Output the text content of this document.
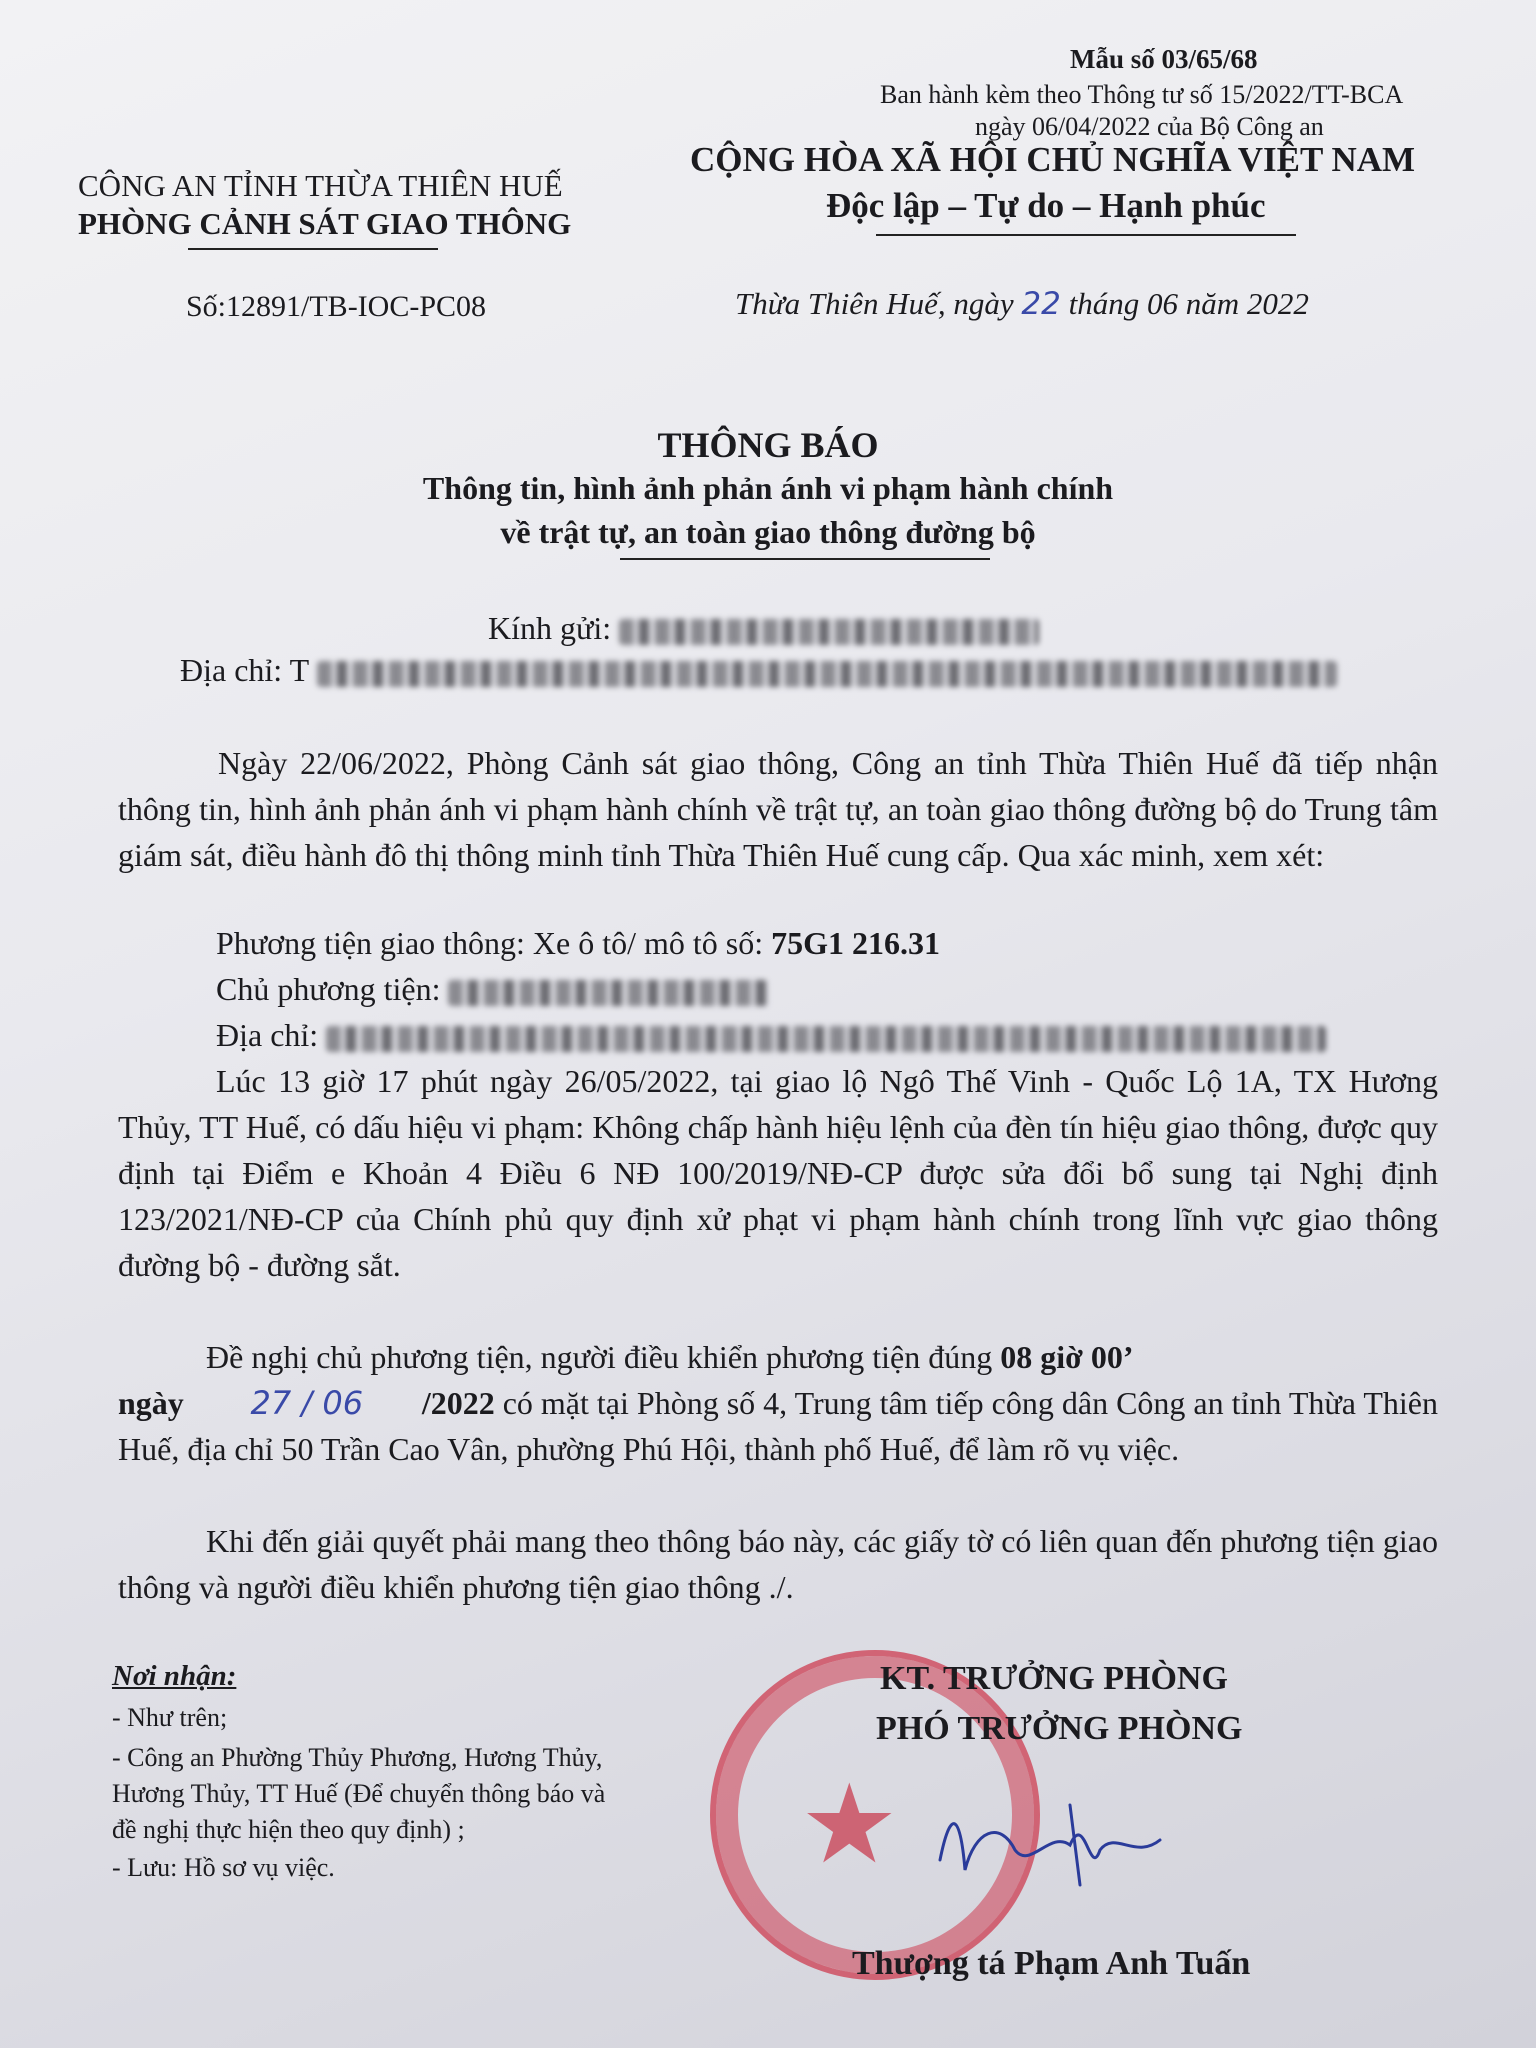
Mẫu số 03/65/68
Ban hành kèm theo Thông tư số 15/2022/TT-BCA
ngày 06/04/2022 của Bộ Công an
CÔNG AN TỈNH THỪA THIÊN HUẾ
PHÒNG CẢNH SÁT GIAO THÔNG
CỘNG HÒA XÃ HỘI CHỦ NGHĨA VIỆT NAM
Độc lập – Tự do – Hạnh phúc
Số:12891/TB-IOC-PC08	Thừa Thiên Huế, ngày 22 tháng 06 năm 2022
THÔNG BÁO
Thông tin, hình ảnh phản ánh vi phạm hành chính
về trật tự, an toàn giao thông đường bộ
Kính gửi:
Địa chỉ: T
Ngày 22/06/2022, Phòng Cảnh sát giao thông, Công an tỉnh Thừa Thiên Huế đã tiếp nhận thông tin, hình ảnh phản ánh vi phạm hành chính về trật tự, an toàn giao thông đường bộ do Trung tâm giám sát, điều hành đô thị thông minh tỉnh Thừa Thiên Huế cung cấp. Qua xác minh, xem xét:
Phương tiện giao thông: Xe ô tô/ mô tô số: 75G1 216.31
Chủ phương tiện:
Địa chỉ:
Lúc 13 giờ 17 phút ngày 26/05/2022, tại giao lộ Ngô Thế Vinh - Quốc Lộ 1A, TX Hương Thủy, TT Huế, có dấu hiệu vi phạm: Không chấp hành hiệu lệnh của đèn tín hiệu giao thông, được quy định tại Điểm e Khoản 4 Điều 6 NĐ 100/2019/NĐ-CP được sửa đổi bổ sung tại Nghị định 123/2021/NĐ-CP của Chính phủ quy định xử phạt vi phạm hành chính trong lĩnh vực giao thông đường bộ - đường sắt.
Đề nghị chủ phương tiện, người điều khiển phương tiện đúng 08 giờ 00’
ngày 27 / 06 /2022 có mặt tại Phòng số 4, Trung tâm tiếp công dân Công an tỉnh Thừa Thiên Huế, địa chỉ 50 Trần Cao Vân, phường Phú Hội, thành phố Huế, để làm rõ vụ việc.
Khi đến giải quyết phải mang theo thông báo này, các giấy tờ có liên quan đến phương tiện giao thông và người điều khiển phương tiện giao thông ./.
Nơi nhận:
- Như trên;
- Công an Phường Thủy Phương, Hương Thủy,
Hương Thủy, TT Huế (Để chuyển thông báo và
đề nghị thực hiện theo quy định) ;
- Lưu: Hồ sơ vụ việc.	★
KT. TRƯỞNG PHÒNG
PHÓ TRƯỞNG PHÒNG
Thượng tá Phạm Anh Tuấn
